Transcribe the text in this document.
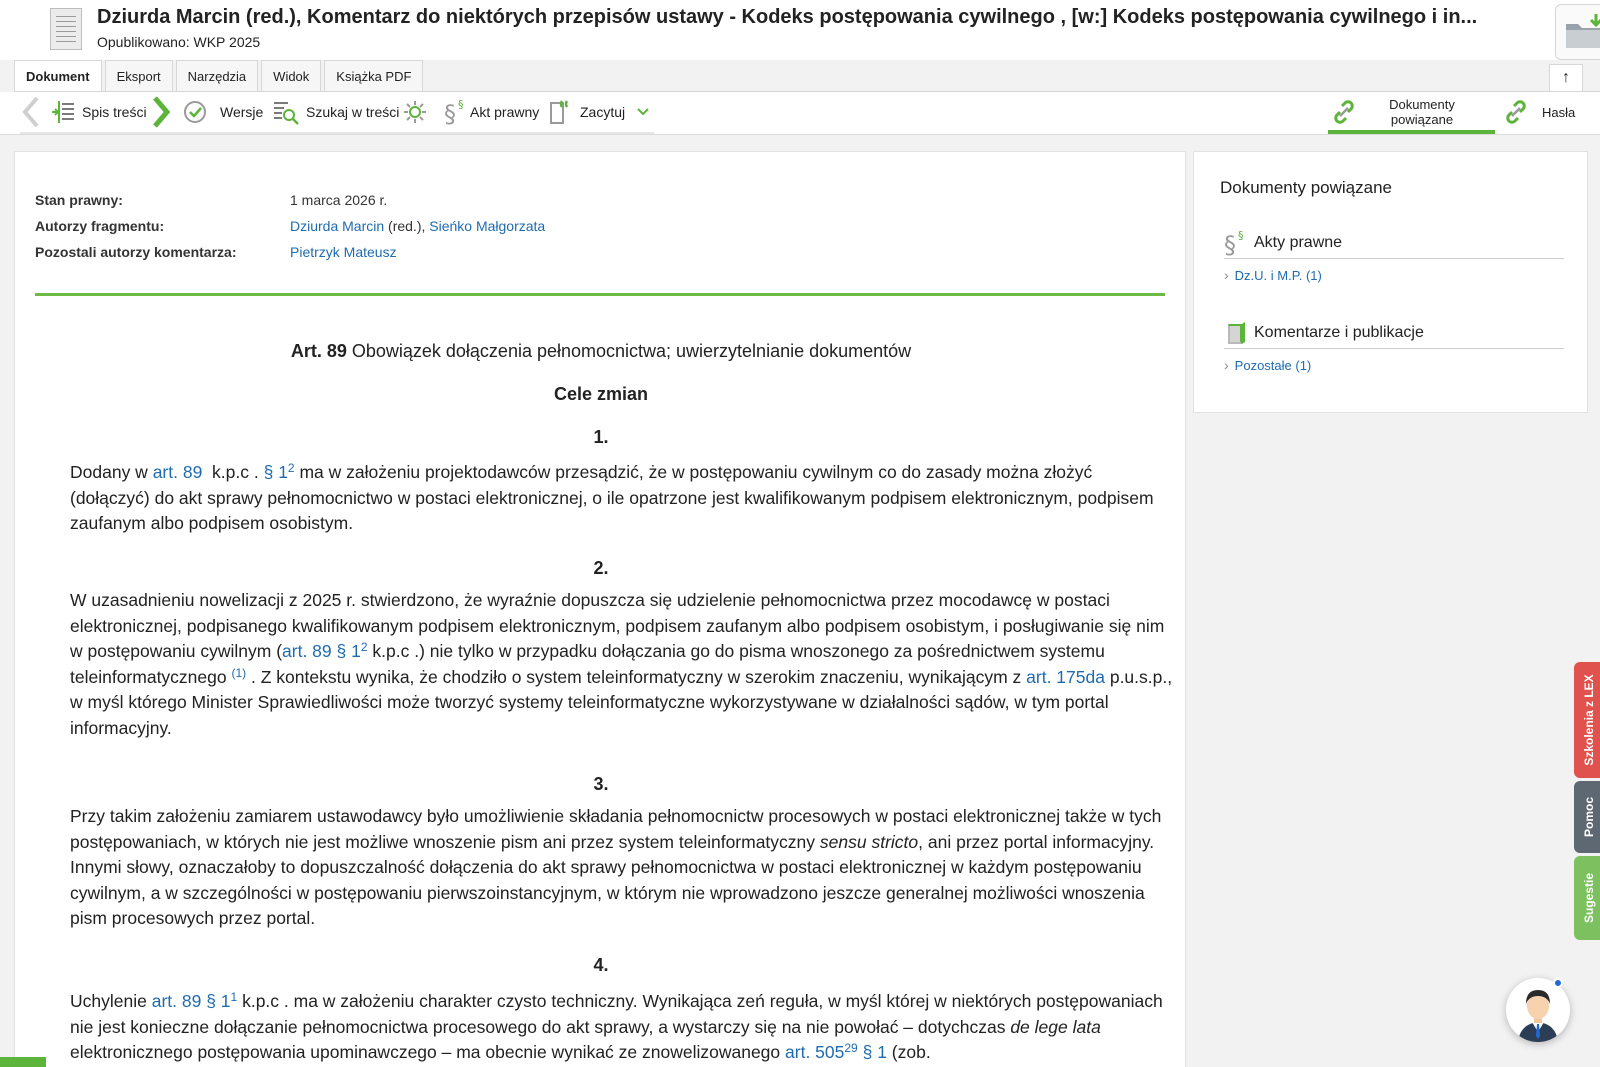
Dziurda Marcin (red.), Komentarz do niektórych przepisów ustawy - Kodeks postępowania cywilnego , [w:] Kodeks postępowania cywilnego i in...
Opublikowano: WKP 2025
Dokument	Eksport	Narzędzia	Widok	Książka PDF	↑
Spis treści	Wersje	Szukaj w treści § § Akt prawny	Zacytuj	Dokumenty
powiązane	Hasła
Stan prawny:	1 marca 2026 r.
Autorzy fragmentu:	Dziurda Marcin (red.), Sieńko Małgorzata
Pozostali autorzy komentarza:	Pietrzyk Mateusz
Art. 89 Obowiązek dołączenia pełnomocnictwa; uwierzytelnianie dokumentów
Cele zmian
1.
Dodany w art. 89  k.p.c . § $1^2$ ma w założeniu projektodawców przesądzić, że w postępowaniu cywilnym co do zasady można złożyć (dołączyć) do akt sprawy pełnomocnictwo w postaci elektronicznej, o ile opatrzone jest kwalifikowanym podpisem elektronicznym, podpisem zaufanym albo podpisem osobistym.
2.
W uzasadnieniu nowelizacji z 2025 r. stwierdzono, że wyraźnie dopuszcza się udzielenie pełnomocnictwa przez mocodawcę w postaci elektronicznej, podpisanego kwalifikowanym podpisem elektronicznym, podpisem zaufanym albo podpisem osobistym, i posługiwanie się nim w postępowaniu cywilnym (art. 89 § $1^2$ k.p.c .) nie tylko w przypadku dołączania go do pisma wnoszonego za pośrednictwem systemu teleinformatycznego $^{(1)}$ . Z kontekstu wynika, że chodziło o system teleinformatyczny w szerokim znaczeniu, wynikającym z art. 175da p.u.s.p., w myśl którego Minister Sprawiedliwości może tworzyć systemy teleinformatyczne wykorzystywane w działalności sądów, w tym portal informacyjny.
3.
Przy takim założeniu zamiarem ustawodawcy było umożliwienie składania pełnomocnictw procesowych w postaci elektronicznej także w tych postępowaniach, w których nie jest możliwe wnoszenie pism ani przez system teleinformatyczny sensu stricto, ani przez portal informacyjny. Innymi słowy, oznaczałoby to dopuszczalność dołączenia do akt sprawy pełnomocnictwa w postaci elektronicznej w każdym postępowaniu cywilnym, a w szczególności w postępowaniu pierwszoinstancyjnym, w którym nie wprowadzono jeszcze generalnej możliwości wnoszenia pism procesowych przez portal.
4.
Uchylenie art. 89 § $1^1$ k.p.c . ma w założeniu charakter czysto techniczny. Wynikająca zeń reguła, w myśl której w niektórych postępowaniach nie jest konieczne dołączanie pełnomocnictwa procesowego do akt sprawy, a wystarczy się na nie powołać – dotychczas de lege lata elektronicznego postępowania upominawczego – ma obecnie wynikać ze znowelizowanego art. $505^{29}$ § 1 (zob.
Dokumenty powiązane
§ § Akty prawne
› Dz.U. i M.P. (1)
Komentarze i publikacje
› Pozostałe (1)
Szkolenia z LEX
Pomoc
Sugestie
